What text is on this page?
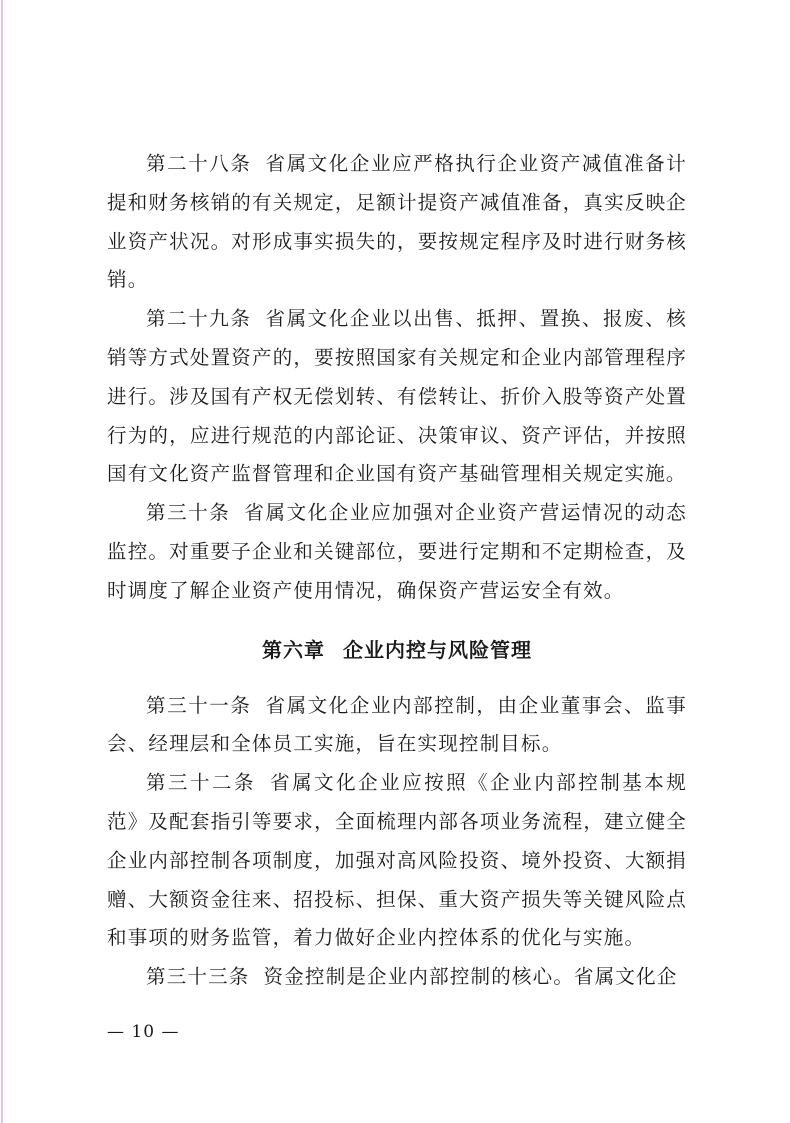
第二十八条 省属文化企业应严格执行企业资产减值准备计提和财务核销的有关规定，足额计提资产减值准备，真实反映企业资产状况。对形成事实损失的，要按规定程序及时进行财务核销。

第二十九条 省属文化企业以出售、抵押、置换、报废、核销等方式处置资产的，要按照国家有关规定和企业内部管理程序进行。涉及国有产权无偿划转、有偿转让、折价入股等资产处置行为的，应进行规范的内部论证、决策审议、资产评估，并按照国有文化资产监督管理和企业国有资产基础管理相关规定实施。

第三十条 省属文化企业应加强对企业资产营运情况的动态监控。对重要子企业和关键部位，要进行定期和不定期检查，及时调度了解企业资产使用情况，确保资产营运安全有效。

第六章 企业内控与风险管理

第三十一条 省属文化企业内部控制，由企业董事会、监事会、经理层和全体员工实施，旨在实现控制目标。

第三十二条 省属文化企业应按照《企业内部控制基本规范》及配套指引等要求，全面梳理内部各项业务流程，建立健全企业内部控制各项制度，加强对高风险投资、境外投资、大额捐赠、大额资金往来、招投标、担保、重大资产损失等关键风险点和事项的财务监管，着力做好企业内控体系的优化与实施。

第三十三条 资金控制是企业内部控制的核心。省属文化企

— 10 —
